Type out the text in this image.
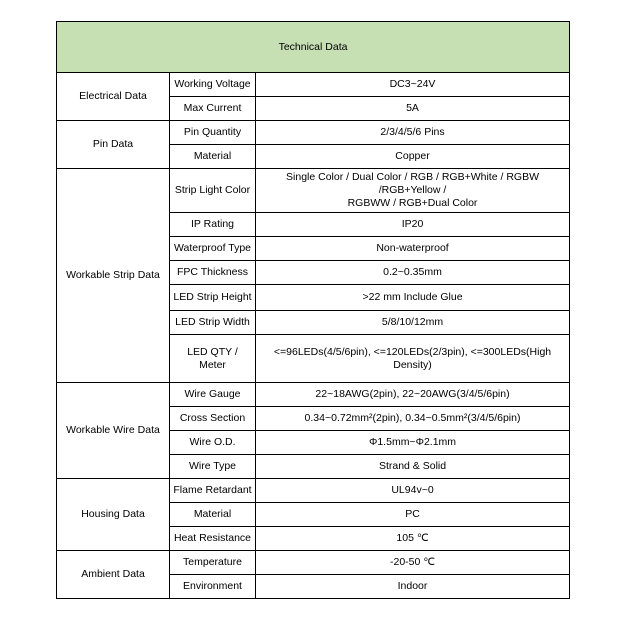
Technical Data		
Electrical Data	Working Voltage	DC3~24V
	Max Current	5A
Pin Data	Pin Quantity	2/3/4/5/6 Pins
	Material	Copper
Workable Strip Data	Strip Light Color	Single Color / Dual Color / RGB / RGB+White / RGBW /RGB+Yellow /
RGBWW / RGB+Dual Color

	IP Rating	IP20
	Waterproof Type	Non-waterproof
	FPC Thickness	0.2~0.35mm
	LED Strip Height	>22 mm Include Glue
	LED Strip Width	5/8/10/12mm

	LED QTY /
Meter	<=96LEDs(4/5/6pin), <=120LEDs(2/3pin), <=300LEDs(High Density)
Workable Wire Data	Wire Gauge	22~18AWG(2pin), 22~20AWG(3/4/5/6pin)
	Cross Section	0.34~0.72mm²(2pin), 0.34~0.5mm²(3/4/5/6pin)
	Wire O.D.	Φ1.5mm~Φ2.1mm
	Wire Type	Strand & Solid
Housing Data	Flame Retardant	UL94v~0
	Material	PC
	Heat Resistance	105 ℃
Ambient Data	Temperature	-20-50 ℃
	Environment	Indoor
